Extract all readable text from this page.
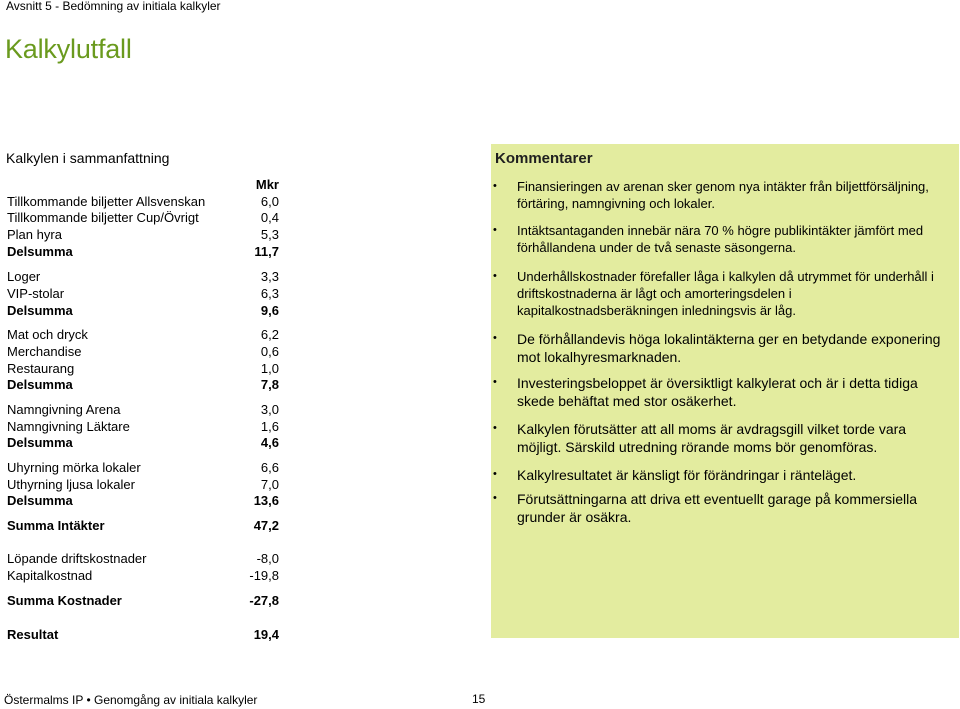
Avsnitt 5 - Bedömning av initiala kalkyler
Kalkylutfall
Kalkylen i sammanfattning
Mkr
Tillkommande biljetter Allsvenskan	6,0
Tillkommande biljetter Cup/Övrigt	0,4
Plan hyra	5,3
Delsumma	11,7
Loger	3,3
VIP-stolar	6,3
Delsumma	9,6
Mat och dryck	6,2
Merchandise	0,6
Restaurang	1,0
Delsumma	7,8
Namngivning Arena	3,0
Namngivning Läktare	1,6
Delsumma	4,6
Uhyrning mörka lokaler	6,6
Uthyrning ljusa lokaler	7,0
Delsumma	13,6
Summa Intäkter	47,2
Löpande driftskostnader	-8,0
Kapitalkostnad	-19,8
Summa Kostnader	-27,8
Resultat	19,4
Kommentarer
• Finansieringen av arenan sker genom nya intäkter från biljettförsäljning, förtäring, namngivning och lokaler.
• Intäktsantaganden innebär nära 70 % högre publikintäkter jämfört med förhållandena under de två senaste säsongerna.
• Underhållskostnader förefaller låga i kalkylen då utrymmet för underhåll i driftskostnaderna är lågt och amorteringsdelen i kapitalkostnadsberäkningen inledningsvis är låg.
• De förhållandevis höga lokalintäkterna ger en betydande exponering mot lokalhyresmarknaden.
• Investeringsbeloppet är översiktligt kalkylerat och är i detta tidiga skede behäftat med stor osäkerhet.
• Kalkylen förutsätter att all moms är avdragsgill vilket torde vara möjligt. Särskild utredning rörande moms bör genomföras.
• Kalkylresultatet är känsligt för förändringar i ränteläget.
• Förutsättningarna att driva ett eventuellt garage på kommersiella grunder är osäkra.
Östermalms IP • Genomgång av initiala kalkyler	15
